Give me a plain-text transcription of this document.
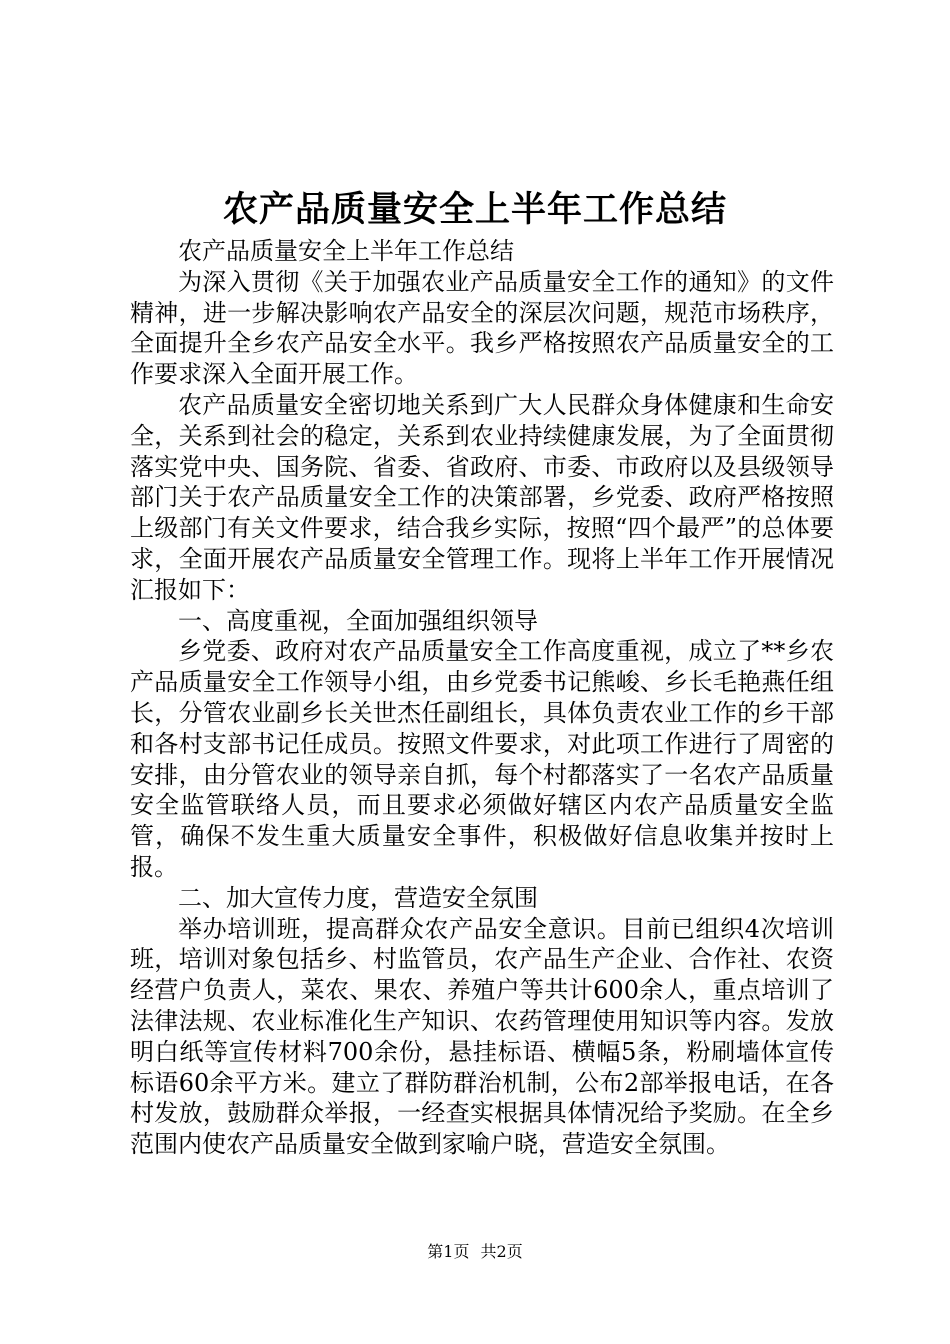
农产品质量安全上半年工作总结

农产品质量安全上半年工作总结

为深入贯彻《关于加强农业产品质量安全工作的通知》的文件精神，进一步解决影响农产品安全的深层次问题，规范市场秩序，全面提升全乡农产品安全水平。我乡严格按照农产品质量安全的工作要求深入全面开展工作。

农产品质量安全密切地关系到广大人民群众身体健康和生命安全，关系到社会的稳定，关系到农业持续健康发展，为了全面贯彻落实党中央、国务院、省委、省政府、市委、市政府以及县级领导部门关于农产品质量安全工作的决策部署，乡党委、政府严格按照上级部门有关文件要求，结合我乡实际，按照“四个最严”的总体要求，全面开展农产品质量安全管理工作。现将上半年工作开展情况汇报如下：

一、高度重视，全面加强组织领导

乡党委、政府对农产品质量安全工作高度重视，成立了**乡农产品质量安全工作领导小组，由乡党委书记熊峻、乡长毛艳燕任组长，分管农业副乡长关世杰任副组长，具体负责农业工作的乡干部和各村支部书记任成员。按照文件要求，对此项工作进行了周密的安排，由分管农业的领导亲自抓，每个村都落实了一名农产品质量安全监管联络人员，而且要求必须做好辖区内农产品质量安全监管，确保不发生重大质量安全事件，积极做好信息收集并按时上报。

二、加大宣传力度，营造安全氛围

举办培训班，提高群众农产品安全意识。目前已组织4次培训班，培训对象包括乡、村监管员，农产品生产企业、合作社、农资经营户负责人，菜农、果农、养殖户等共计600余人，重点培训了法律法规、农业标准化生产知识、农药管理使用知识等内容。发放明白纸等宣传材料700余份，悬挂标语、横幅5条，粉刷墙体宣传标语60余平方米。建立了群防群治机制，公布2部举报电话，在各村发放，鼓励群众举报，一经查实根据具体情况给予奖励。在全乡范围内使农产品质量安全做到家喻户晓，营造安全氛围。

第1页 共2页
